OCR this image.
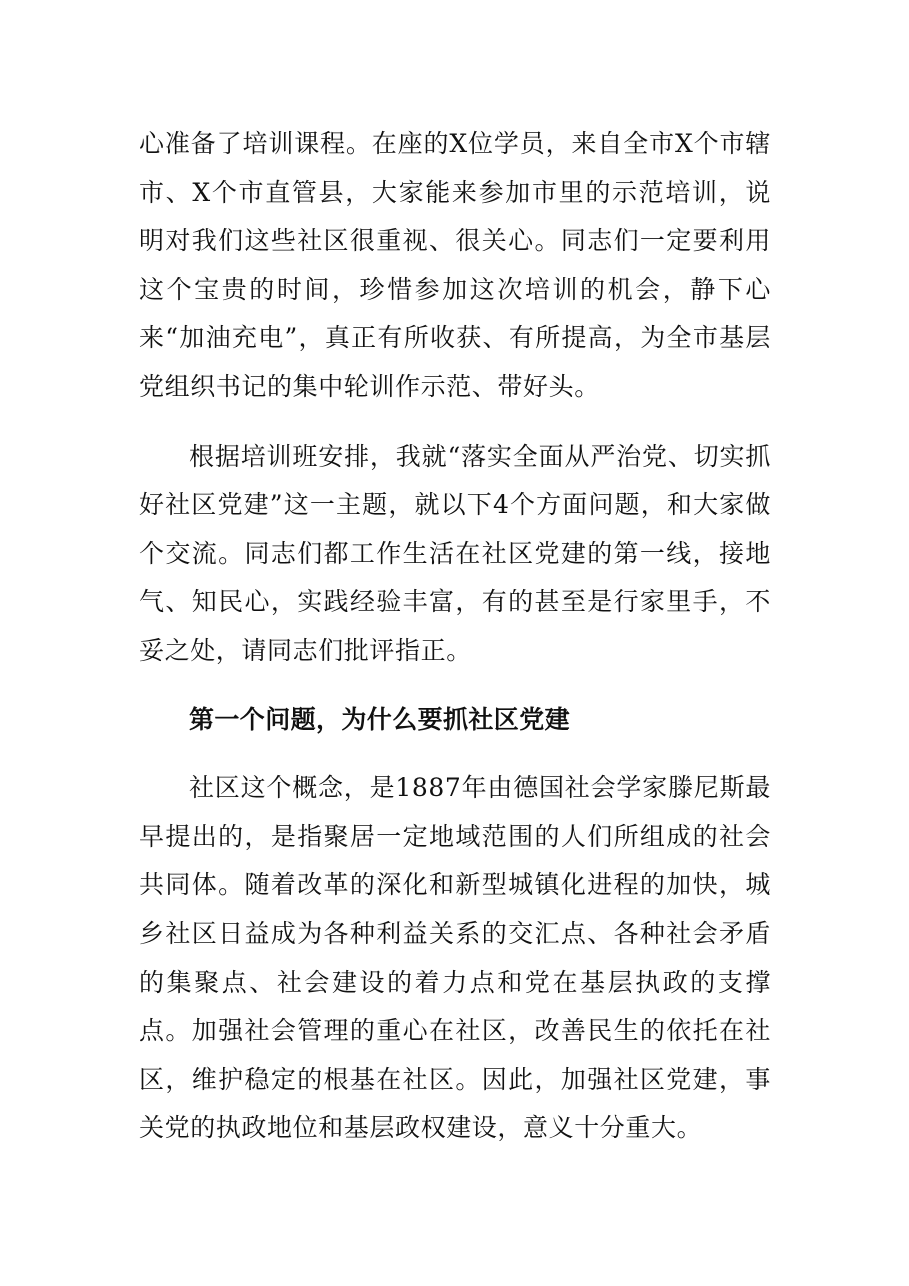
心准备了培训课程。在座的X位学员，来自全市X个市辖市、X个市直管县，大家能来参加市里的示范培训，说明对我们这些社区很重视、很关心。同志们一定要利用这个宝贵的时间，珍惜参加这次培训的机会，静下心来“加油充电”，真正有所收获、有所提高，为全市基层党组织书记的集中轮训作示范、带好头。

根据培训班安排，我就“落实全面从严治党、切实抓好社区党建”这一主题，就以下4个方面问题，和大家做个交流。同志们都工作生活在社区党建的第一线，接地气、知民心，实践经验丰富，有的甚至是行家里手，不妥之处，请同志们批评指正。

第一个问题，为什么要抓社区党建

社区这个概念，是1887年由德国社会学家滕尼斯最早提出的，是指聚居一定地域范围的人们所组成的社会共同体。随着改革的深化和新型城镇化进程的加快，城乡社区日益成为各种利益关系的交汇点、各种社会矛盾的集聚点、社会建设的着力点和党在基层执政的支撑点。加强社会管理的重心在社区，改善民生的依托在社区，维护稳定的根基在社区。因此，加强社区党建，事关党的执政地位和基层政权建设，意义十分重大。
